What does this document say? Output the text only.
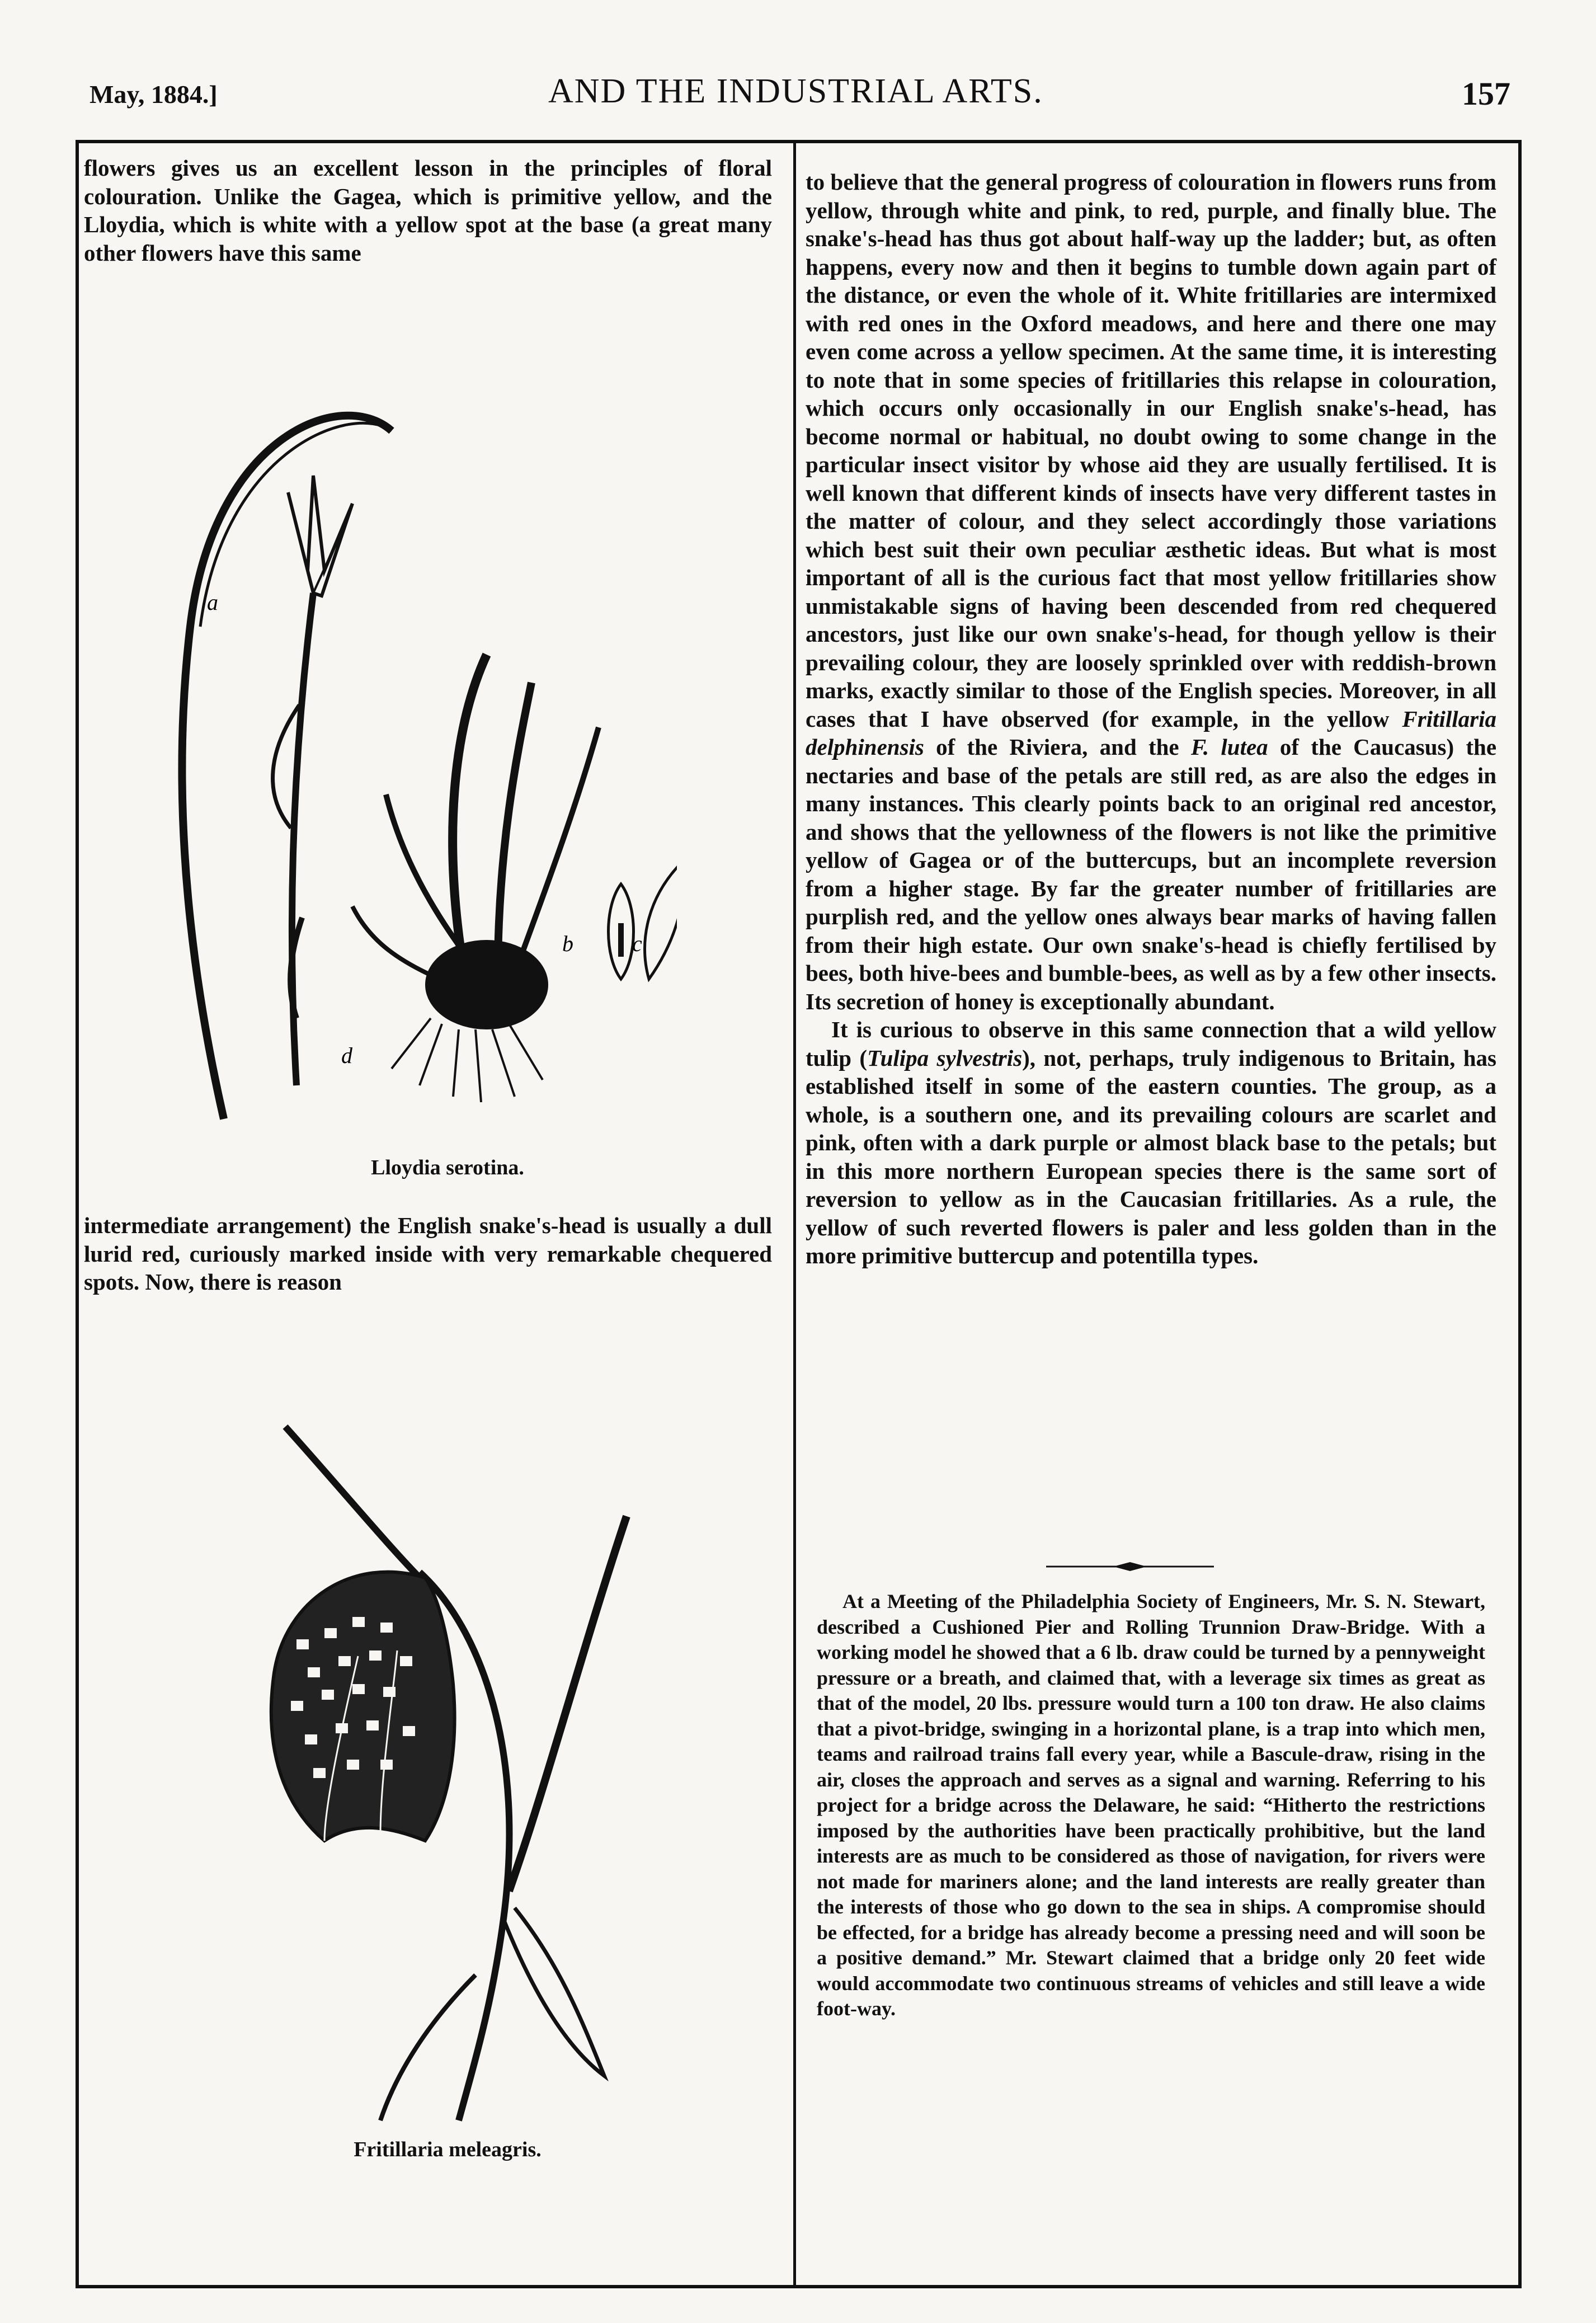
May, 1884.]	AND THE INDUSTRIAL ARTS.	157

flowers gives us an excellent lesson in the principles of floral colouration. Unlike the Gagea, which is primitive yellow, and the Lloydia, which is white with a yellow spot at the base (a great many other flowers have this same

a
b	c
d
Lloydia serotina.

intermediate arrangement) the English snake's-head is usually a dull lurid red, curiously marked inside with very remarkable chequered spots. Now, there is reason

Fritillaria meleagris.

to believe that the general progress of colouration in flowers runs from yellow, through white and pink, to red, purple, and finally blue. The snake's-head has thus got about half-way up the ladder; but, as often happens, every now and then it begins to tumble down again part of the distance, or even the whole of it. White fritillaries are intermixed with red ones in the Oxford meadows, and here and there one may even come across a yellow specimen. At the same time, it is interesting to note that in some species of fritillaries this relapse in colouration, which occurs only occasionally in our English snake's-head, has become normal or habitual, no doubt owing to some change in the particular insect visitor by whose aid they are usually fertilised. It is well known that different kinds of insects have very different tastes in the matter of colour, and they select accordingly those variations which best suit their own peculiar æsthetic ideas. But what is most important of all is the curious fact that most yellow fritillaries show unmistakable signs of having been descended from red chequered ancestors, just like our own snake's-head, for though yellow is their prevailing colour, they are loosely sprinkled over with reddish-brown marks, exactly similar to those of the English species. Moreover, in all cases that I have observed (for example, in the yellow Fritillaria delphinensis of the Riviera, and the F. lutea of the Caucasus) the nectaries and base of the petals are still red, as are also the edges in many instances. This clearly points back to an original red ancestor, and shows that the yellowness of the flowers is not like the primitive yellow of Gagea or of the buttercups, but an incomplete reversion from a higher stage. By far the greater number of fritillaries are purplish red, and the yellow ones always bear marks of having fallen from their high estate. Our own snake's-head is chiefly fertilised by bees, both hive-bees and bumble-bees, as well as by a few other insects. Its secretion of honey is exceptionally abundant.

It is curious to observe in this same connection that a wild yellow tulip (Tulipa sylvestris), not, perhaps, truly indigenous to Britain, has established itself in some of the eastern counties. The group, as a whole, is a southern one, and its prevailing colours are scarlet and pink, often with a dark purple or almost black base to the petals; but in this more northern European species there is the same sort of reversion to yellow as in the Caucasian fritillaries. As a rule, the yellow of such reverted flowers is paler and less golden than in the more primitive buttercup and potentilla types.

At a Meeting of the Philadelphia Society of Engineers, Mr. S. N. Stewart, described a Cushioned Pier and Rolling Trunnion Draw-Bridge. With a working model he showed that a 6 lb. draw could be turned by a pennyweight pressure or a breath, and claimed that, with a leverage six times as great as that of the model, 20 lbs. pressure would turn a 100 ton draw. He also claims that a pivot-bridge, swinging in a horizontal plane, is a trap into which men, teams and railroad trains fall every year, while a Bascule-draw, rising in the air, closes the approach and serves as a signal and warning. Referring to his project for a bridge across the Delaware, he said: “Hitherto the restrictions imposed by the authorities have been practically prohibitive, but the land interests are as much to be considered as those of navigation, for rivers were not made for mariners alone; and the land interests are really greater than the interests of those who go down to the sea in ships. A compromise should be effected, for a bridge has already become a pressing need and will soon be a positive demand.” Mr. Stewart claimed that a bridge only 20 feet wide would accommodate two continuous streams of vehicles and still leave a wide foot-way.
